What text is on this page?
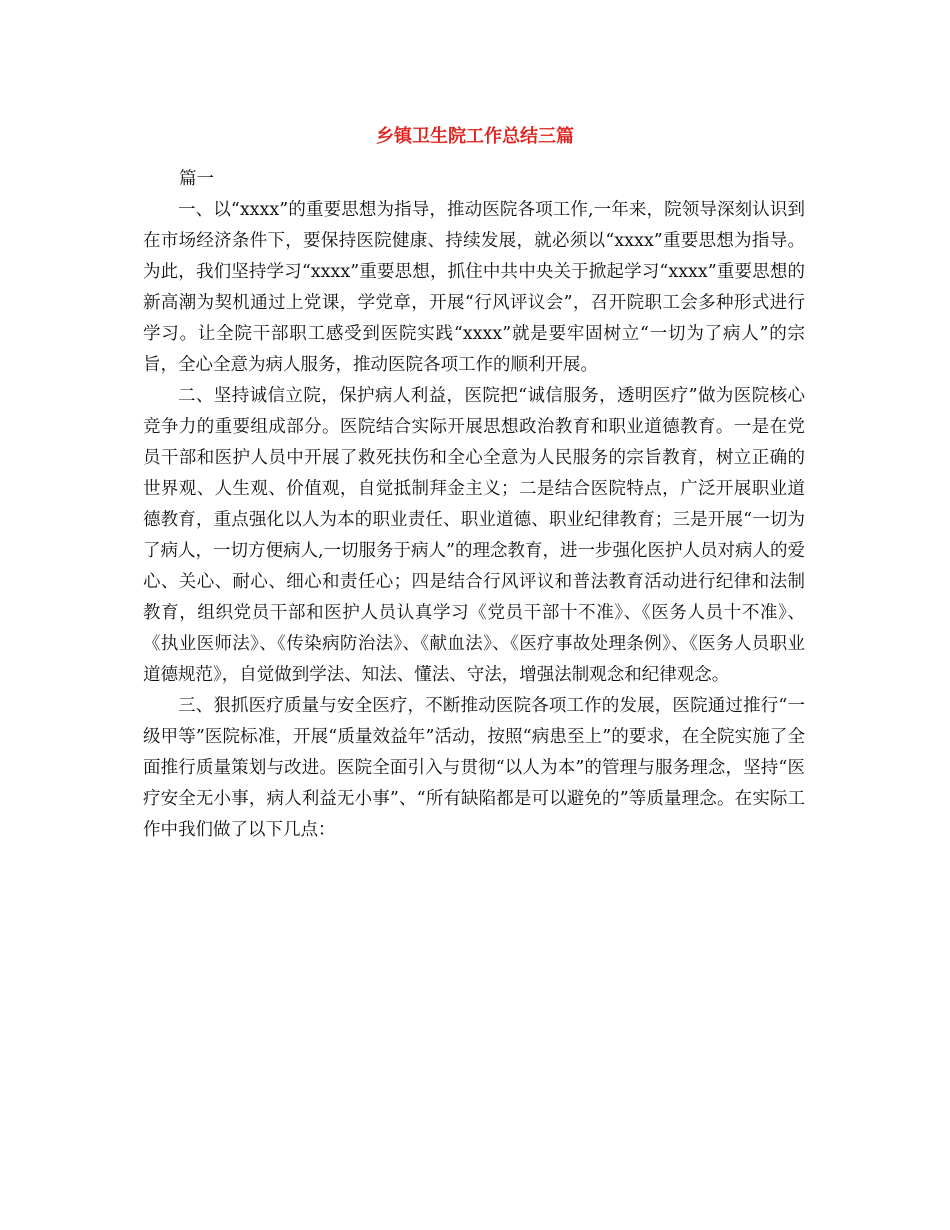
乡镇卫生院工作总结三篇

篇一

一、以“xxxx”的重要思想为指导，推动医院各项工作,一年来，院领导深刻认识到在市场经济条件下，要保持医院健康、持续发展，就必须以“xxxx”重要思想为指导。为此，我们坚持学习“xxxx”重要思想，抓住中共中央关于掀起学习“xxxx”重要思想的新高潮为契机通过上党课，学党章，开展“行风评议会”，召开院职工会多种形式进行学习。让全院干部职工感受到医院实践“xxxx”就是要牢固树立“一切为了病人”的宗旨，全心全意为病人服务，推动医院各项工作的顺利开展。

二、坚持诚信立院，保护病人利益，医院把“诚信服务，透明医疗”做为医院核心竞争力的重要组成部分。医院结合实际开展思想政治教育和职业道德教育。一是在党员干部和医护人员中开展了救死扶伤和全心全意为人民服务的宗旨教育，树立正确的世界观、人生观、价值观，自觉抵制拜金主义；二是结合医院特点，广泛开展职业道德教育，重点强化以人为本的职业责任、职业道德、职业纪律教育；三是开展“一切为了病人，一切方便病人,一切服务于病人”的理念教育，进一步强化医护人员对病人的爱心、关心、耐心、细心和责任心；四是结合行风评议和普法教育活动进行纪律和法制教育，组织党员干部和医护人员认真学习《党员干部十不准》、《医务人员十不准》、《执业医师法》、《传染病防治法》、《献血法》、《医疗事故处理条例》、《医务人员职业道德规范》，自觉做到学法、知法、懂法、守法，增强法制观念和纪律观念。

三、狠抓医疗质量与安全医疗，不断推动医院各项工作的发展，医院通过推行“一级甲等”医院标准，开展“质量效益年”活动，按照“病患至上”的要求，在全院实施了全面推行质量策划与改进。医院全面引入与贯彻“以人为本”的管理与服务理念，坚持“医疗安全无小事，病人利益无小事”、“所有缺陷都是可以避免的”等质量理念。在实际工作中我们做了以下几点：
